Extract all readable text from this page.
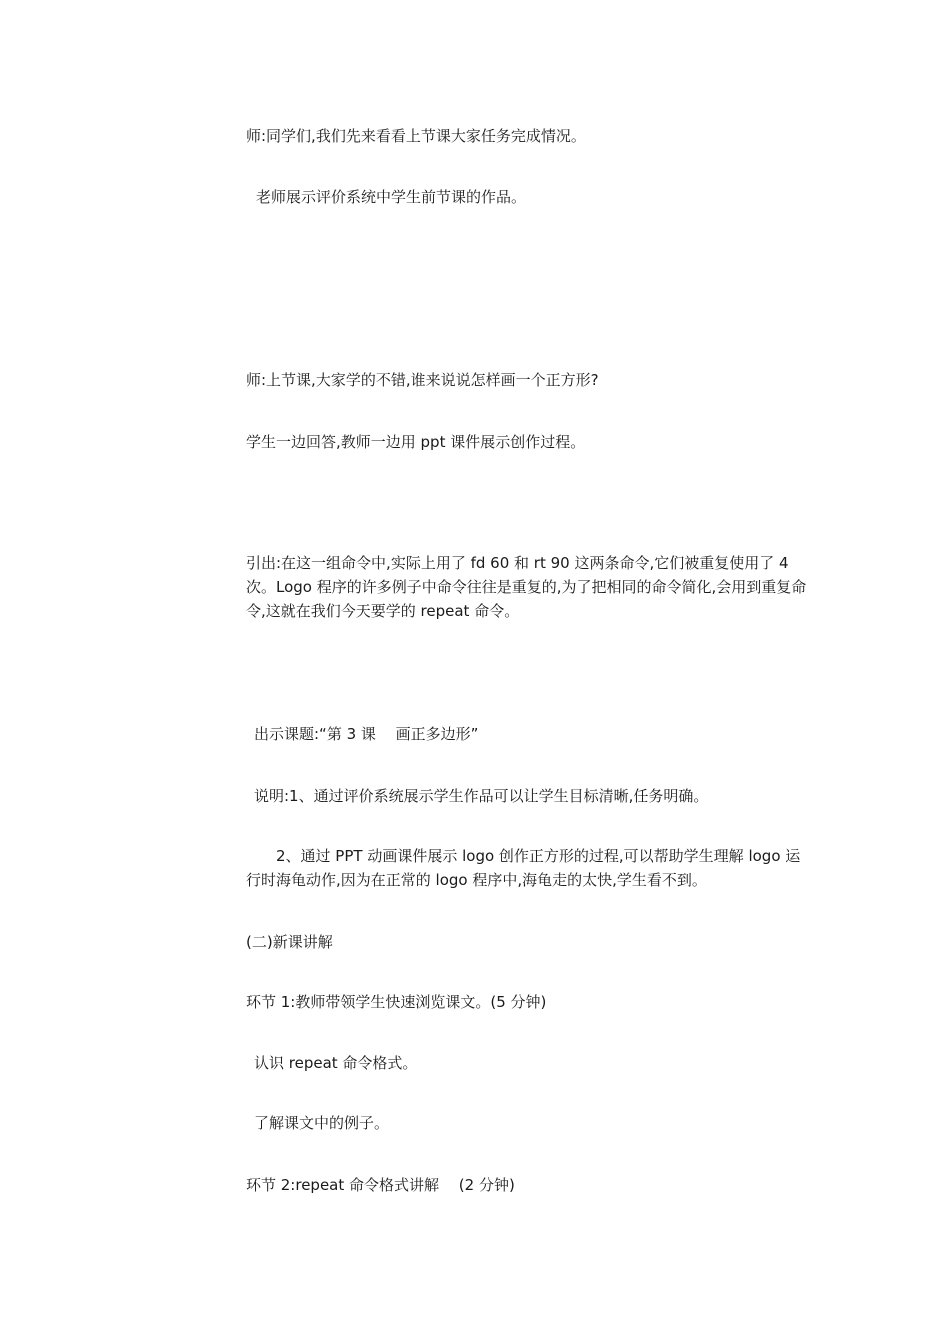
师:同学们,我们先来看看上节课大家任务完成情况。

老师展示评价系统中学生前节课的作品。

师:上节课,大家学的不错,谁来说说怎样画一个正方形?

学生一边回答,教师一边用 ppt 课件展示创作过程。

引出:在这一组命令中,实际上用了 fd 60 和 rt 90 这两条命令,它们被重复使用了 4 次。Logo 程序的许多例子中命令往往是重复的,为了把相同的命令简化,会用到重复命令,这就在我们今天要学的 repeat 命令。

出示课题:“第 3 课　 画正多边形”

说明:1、通过评价系统展示学生作品可以让学生目标清晰,任务明确。

2、通过 PPT 动画课件展示 logo 创作正方形的过程,可以帮助学生理解 logo 运行时海龟动作,因为在正常的 logo 程序中,海龟走的太快,学生看不到。

(二)新课讲解

环节 1:教师带领学生快速浏览课文。(5 分钟)

认识 repeat 命令格式。

了解课文中的例子。

环节 2:repeat 命令格式讲解　 (2 分钟)
